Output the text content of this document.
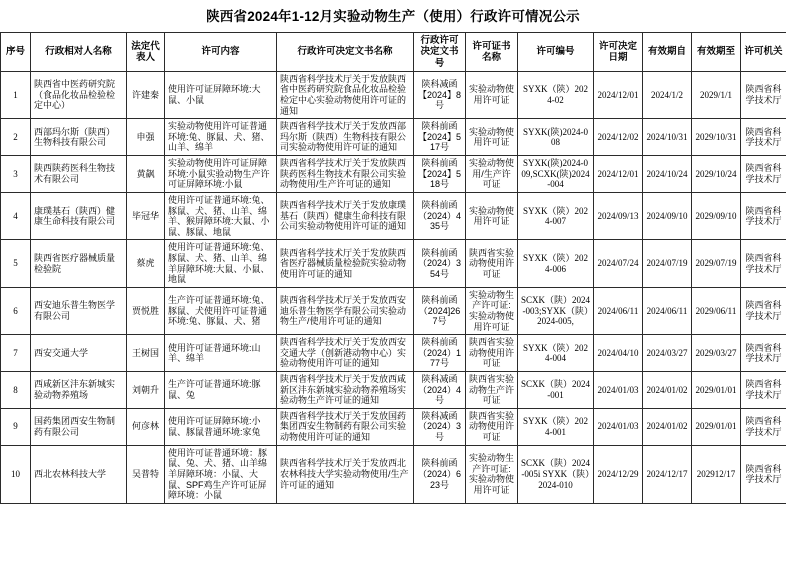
陕西省2024年1-12月实验动物生产（使用）行政许可情况公示
序号	行政相对人名称	法定代表人	许可内容	行政许可决定文书名称	行政许可决定文书号	许可证书名称	许可编号	许可决定日期	有效期自	有效期至	许可机关
1	陕西省中医药研究院（食品化妆品检验检定中心）	许建秦	使用许可证屏障环境:大鼠、小鼠	陕西省科学技术厅关于发放陕西省中医药研究院食品化妆品检验检定中心实验动物使用许可证的通知	陕科减函【2024】8号	实验动物使用许可证	SYXK（陕）2024-02	2024/12/01	2024/1/2	2029/1/1	陕西省科学技术厅
2	西部玛尔斯（陕西）生物科技有限公司	申强	实验动物使用许可证普通环境:兔、豚鼠、犬、猪、山羊、绵羊	陕西省科学技术厅关于发放西部玛尔斯（陕西）生物科技有限公司实验动物使用许可证的通知	陕科前函【2024】517号	实验动物使用许可证	SYXK(陕)2024-008	2024/12/02	2024/10/31	2029/10/31	陕西省科学技术厅
3	陕西陕药医科生物技术有限公司	黄飙	实验动物使用许可证屏障环境:小鼠实验动物生产许可证屏障环境:小鼠	陕西省科学技术厅关于发放陕西陕药医科生物技术有限公司实验动物使用/生产许可证的通知	陕科前函【2024】518号	实验动物使用/生产许可证	SYXK(陕)2024-009,SCXK(陕)2024-004	2024/12/01	2024/10/24	2029/10/24	陕西省科学技术厅
4	康璞基石（陕西）健康生命科技有限公司	毕冠华	使用许可证普通环境:兔、豚鼠、犬、猪、山羊、绵羊、猴屏障环境:大鼠、小鼠、豚鼠、地鼠	陕西省科学技术厅关于发放康璞基石（陕西）健康生命科技有限公司实验动物使用许可证的通知	陕科前函（2024）435号	实验动物使用许可证	SYXK（陕）2024-007	2024/09/13	2024/09/10	2029/09/10	陕西省科学技术厅
5	陕西省医疗器械质量检验院	蔡虎	使用许可证普通环境:兔、豚鼠、犬、猪、山羊、绵羊屏障环境:大鼠、小鼠、地鼠	陕西省科学技术厅关于发放陕西省医疗器械质量检验院实验动物使用许可证的通知	陕科前函（2024）354号	陕西省实验动物使用许可证	SYXK（陕）2024-006	2024/07/24	2024/07/19	2029/07/19	陕西省科学技术厅
6	西安迪乐普生物医学有限公司	贾悦胜	生产许可证普通环境:兔、豚鼠、犬使用许可证普通环境:兔、豚鼠、犬、猪	陕西省科学技术厅关于发放西安迪乐普生物医学有限公司实验动物生产/使用许可证的通知	陕科前函（2024]267号	实验动物生产许可证:实验动物使用许可证	SCXK（陕）2024-003;SYXK（陕）2024-005,	2024/06/11	2024/06/11	2029/06/11	陕西省科学技术厅
7	西安交通大学	王树国	使用许可证普通环境:山羊、绵羊	陕西省科学技术厅关于发放西安交通大学（创新港动物中心）实验动物使用许可证的通知	陕科前函（2024）177号	陕西省实验动物使用许可证	SYXK（陕）2024-004	2024/04/10	2024/03/27	2029/03/27	陕西省科学技术厅
8	西咸新区沣东新城实验动物养殖场	刘朝升	生产许可证普通环境:豚鼠、兔	陕西省科学技术厅关于发放西咸新区沣东新城实验动物养殖场实验动物生产许可证的通知	陕科减函（2024）4号	陕西省实验动物生产许可证	SCXK（陕）2024-001	2024/01/03	2024/01/02	2029/01/01	陕西省科学技术厅
9	国药集团西安生物制药有限公司	何彦林	使用许可证屏障环境:小鼠、豚鼠普通环境:家兔	陕西省科学技术厅关于发放国药集团西安生物制药有限公司实验动物使用许可证的通知	陕科减函（2024）3号	陕西省实验动物使用许可证	SYXK（陕）2024-001	2024/01/03	2024/01/02	2029/01/01	陕西省科学技术厅
10	西北农林科技大学	吴普特	使用许可证普通环境：豚鼠、兔、犬、猪、山羊绵羊屏障环境：小鼠、大鼠、SPF鸡生产许可证屏障环境：小鼠	陕西省科学技术厅关于发放西北农林科技大学实验动物使用/生产许可证的通知	陕科前函（2024）623号	实验动物生产许可证:实验动物使用许可证	SCXK（陕）2024-005i SYXK（陕）2024-010	2024/12/29	2024/12/17	202912/17	陕西省科学技术厅
